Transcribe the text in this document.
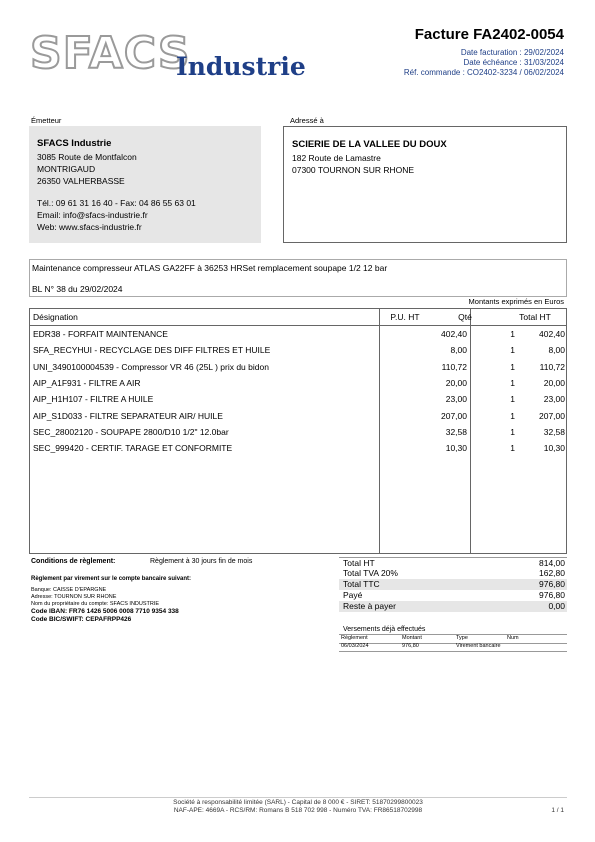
SFACS
Industrie
Facture FA2402-0054
Date facturation : 29/02/2024
Date échéance : 31/03/2024
Réf. commande : CO2402-3234 / 06/02/2024
Émetteur	Adressé à
SFACS Industrie
3085 Route de Montfalcon
MONTRIGAUD
26350 VALHERBASSE
Tél.: 09 61 31 16 40 - Fax: 04 86 55 63 01
Email: info@sfacs-industrie.fr
Web: www.sfacs-industrie.fr
SCIERIE DE LA VALLEE DU DOUX
182 Route de Lamastre
07300 TOURNON SUR RHONE
Maintenance compresseur ATLAS GA22FF à 36253 HRSet remplacement soupape 1/2 12 bar
BL N° 38 du 29/02/2024
Montants exprimés en Euros
Désignation	P.U. HT	Qté	Total HT
EDR38 - FORFAIT MAINTENANCE	402,40	1	402,40
SFA_RECYHUI - RECYCLAGE DES DIFF FILTRES ET HUILE	8,00	1	8,00
UNI_3490100004539 - Compressor VR 46 (25L ) prix du bidon	110,72	1	110,72
AIP_A1F931 - FILTRE A AIR	20,00	1	20,00
AIP_H1H107 - FILTRE A HUILE	23,00	1	23,00
AIP_S1D033 - FILTRE SEPARATEUR AIR/ HUILE	207,00	1	207,00
SEC_28002120 - SOUPAPE 2800/D10 1/2" 12.0bar	32,58	1	32,58
SEC_999420 - CERTIF. TARAGE ET CONFORMITE	10,30	1	10,30
Conditions de règlement:	Règlement à 30 jours fin de mois
Règlement par virement sur le compte bancaire suivant:
Banque: CAISSE D'EPARGNE
Adresse: TOURNON SUR RHONE
Nom du propriétaire du compte: SFACS INDUSTRIE
Code IBAN: FR76 1426 5006 0008 7710 9354 338
Code BIC/SWIFT: CEPAFRPP426
Total HT	814,00
Total TVA 20%	162,80
Total TTC	976,80
Payé	976,80
Reste à payer	0,00
Versements déjà effectués
Règlement	Montant	Type	Num
06/03/2024	976,80	Virement bancaire
Société à responsabilité limitée (SARL) - Capital de 8 000 € - SIRET: 51870299800023
NAF-APE: 4669A - RCS/RM: Romans B 518 702 998 - Numéro TVA: FR86518702998	1 / 1
